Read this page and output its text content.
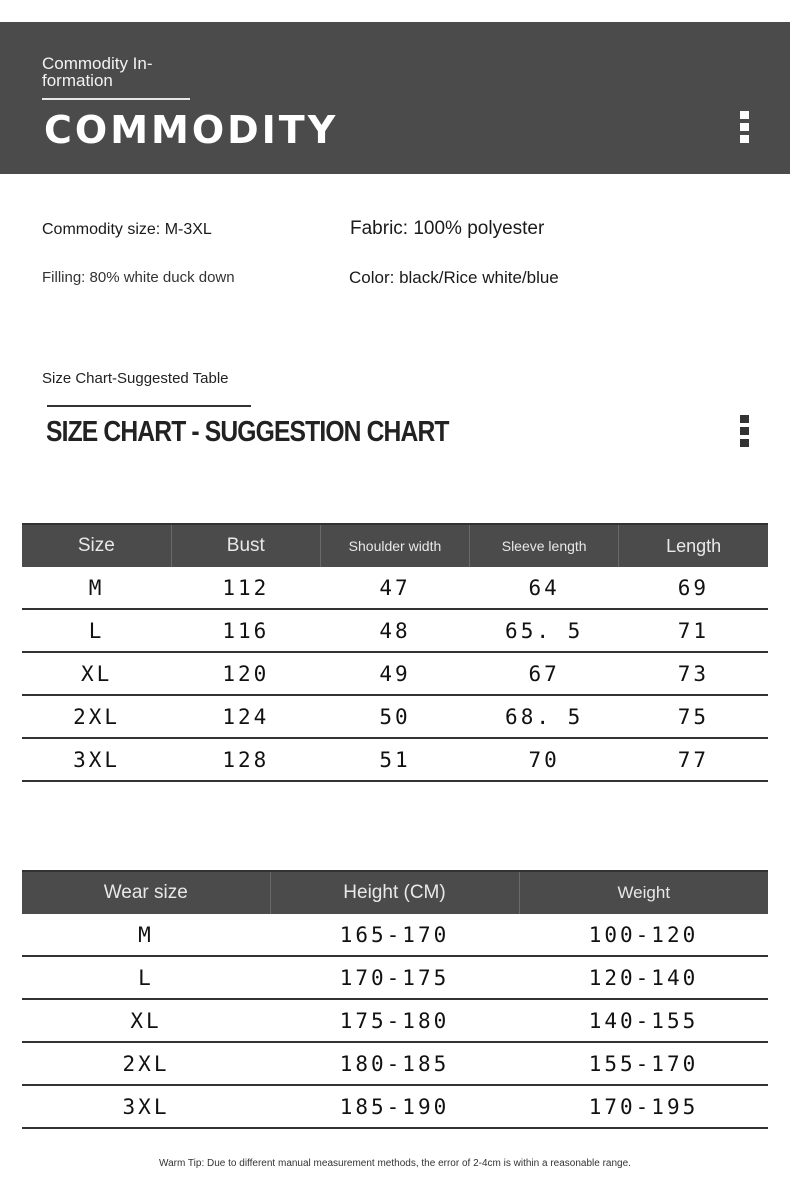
Commodity In- formation
COMMODITY
Commodity size: M-3XL	Fabric: 100% polyester
Filling: 80% white duck down	Color: black/Rice white/blue
Size Chart-Suggested Table
SIZE CHART - SUGGESTION CHART
Size	Bust	Shoulder width	Sleeve length	Length
M	112	47	64	69
L	116	48	65. 5	71
XL	120	49	67	73
2XL	124	50	68. 5	75
3XL	128	51	70	77
Wear size	Height (CM)	Weight
M	165-170	100-120
L	170-175	120-140
XL	175-180	140-155
2XL	180-185	155-170
3XL	185-190	170-195
Warm Tip: Due to different manual measurement methods, the error of 2-4cm is within a reasonable range.
